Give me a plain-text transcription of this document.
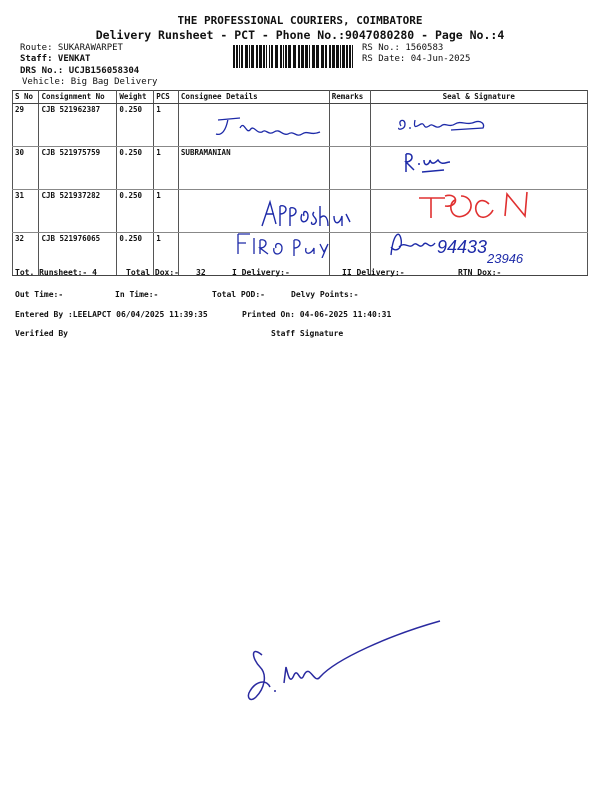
THE PROFESSIONAL COURIERS, COIMBATORE
Delivery Runsheet - PCT - Phone No.:9047080280 - Page No.:4
Route: SUKARAWARPET
Staff: VENKAT
DRS No.: UCJB156058304
Vehicle: Big Bag Delivery
RS No.: 1560583
RS Date: 04-Jun-2025
S No	Consignment No	Weight	PCS	Consignee Details	Remarks	Seal & Signature
29	CJB 521962387	0.250	1			
30	CJB 521975759	0.250	1	SUBRAMANIAN		
31	CJB 521937282	0.250	1			
32	CJB 521976065	0.250	1				94433
23946
Tot. Runsheet:- 4	Total Dox:- 32	I Delivery:-	II Delivery:-	RTN Dox:-
Out Time:-	In Time:-	Total POD:-	Delvy Points:-
Entered By :LEELAPCT 06/04/2025 11:39:35	Printed On: 04-06-2025 11:40:31
Verified By	Staff Signature
